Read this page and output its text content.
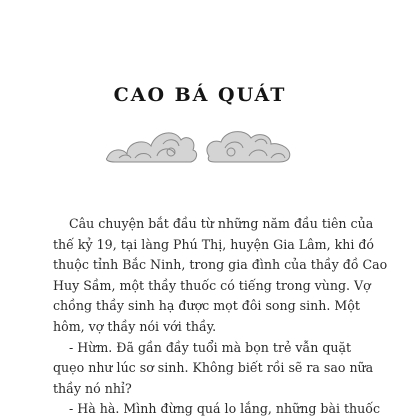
CAO BÁ QUÁT
Câu chuyện bắt đầu từ những năm đầu tiên của
thế kỷ 19, tại làng Phú Thị, huyện Gia Lâm, khi đó
thuộc tỉnh Bắc Ninh, trong gia đình của thầy đồ Cao
Huy Sầm, một thầy thuốc có tiếng trong vùng. Vợ
chồng thầy sinh hạ được mọt đôi song sinh. Một
hôm, vợ thầy nói với thầy.
- Hừm. Đã gần đầy tuổi mà bọn trẻ vẫn quặt
quẹo như lúc sơ sinh. Không biết rồi sẽ ra sao nữa
thầy nó nhỉ?
- Hà hà. Mình đừng quá lo lắng, những bài thuốc
